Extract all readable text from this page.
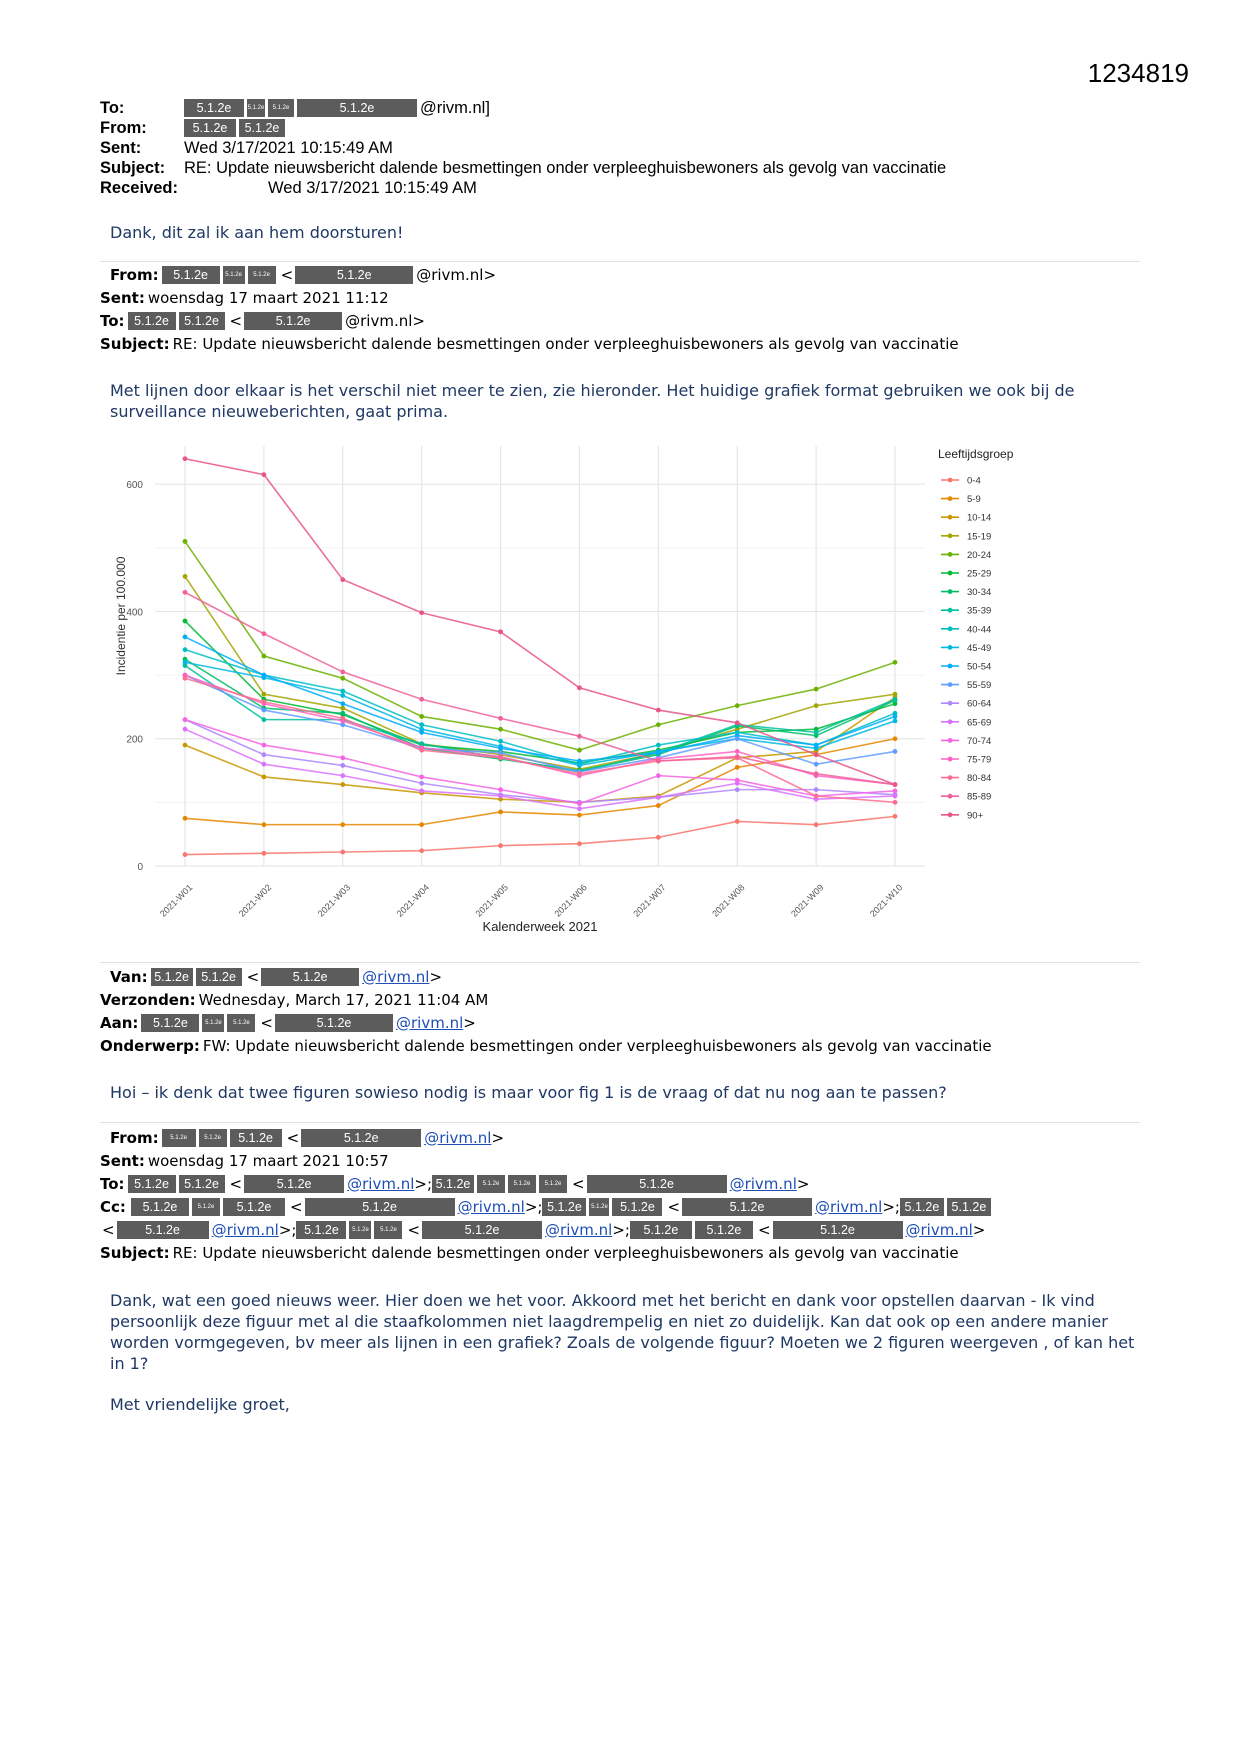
1234819
To:	5.1.2e	5.1.2e	5.1.2e	5.1.2e	@rivm.nl]
From:	5.1.2e	5.1.2e
Sent:	Wed 3/17/2021 10:15:49 AM
Subject:	RE: Update nieuwsbericht dalende besmettingen onder verpleeghuisbewoners als gevolg van vaccinatie
Received:	Wed 3/17/2021 10:15:49 AM
Dank, dit zal ik aan hem doorsturen!
From:	5.1.2e	5.1.2e	5.1.2e <	5.1.2e	@rivm.nl>
Sent: woensdag 17 maart 2021 11:12
To: 5.1.2e	5.1.2e <	5.1.2e	@rivm.nl>
Subject: RE: Update nieuwsbericht dalende besmettingen onder verpleeghuisbewoners als gevolg van vaccinatie
Met lijnen door elkaar is het verschil niet meer te zien, zie hieronder. Het huidige grafiek format gebruiken we ook bij de surveillance nieuweberichten, gaat prima.
0
200
400
600
2021-W01	2021-W02	2021-W03	2021-W04	2021-W05	2021-W06	2021-W07	2021-W08	2021-W09	2021-W10
0-4
5-9
10-14
15-19
20-24
25-29
30-34
35-39
40-44
45-49
50-54
55-59
60-64
65-69
70-74
75-79
80-84
85-89
90+
Incidentie per 100.000
Kalenderweek 2021
Leeftijdsgroep
Van: 5.1.2e 5.1.2e <	5.1.2e	@rivm.nl >
Verzonden: Wednesday, March 17, 2021 11:04 AM
Aan:	5.1.2e	5.1.2e	5.1.2e <	5.1.2e	@rivm.nl >
Onderwerp: FW: Update nieuwsbericht dalende besmettingen onder verpleeghuisbewoners als gevolg van vaccinatie
Hoi – ik denk dat twee figuren sowieso nodig is maar voor fig 1 is de vraag of dat nu nog aan te passen?
From:	5.1.2e	5.1.2e	5.1.2e <	5.1.2e	@rivm.nl >
Sent: woensdag 17 maart 2021 10:57
To: 5.1.2e	5.1.2e <	5.1.2e	@rivm.nl >; 5.1.2e	5.1.2e	5.1.2e	5.1.2e <	5.1.2e	@rivm.nl >
Cc:	5.1.2e	5.1.2e	5.1.2e	<	5.1.2e	@rivm.nl >; 5.1.2e	5.1.2e 5.1.2e <	5.1.2e	@rivm.nl >; 5.1.2e 5.1.2e
<	5.1.2e	@rivm.nl >; 5.1.2e	5.1.2e	5.1.2e <	5.1.2e	@rivm.nl >;	5.1.2e	5.1.2e	<	5.1.2e	@rivm.nl >
Subject: RE: Update nieuwsbericht dalende besmettingen onder verpleeghuisbewoners als gevolg van vaccinatie
Dank, wat een goed nieuws weer. Hier doen we het voor. Akkoord met het bericht en dank voor opstellen daarvan - Ik vind persoonlijk deze figuur met al die staafkolommen niet laagdrempelig en niet zo duidelijk. Kan dat ook op een andere manier worden vormgegeven, bv meer als lijnen in een grafiek? Zoals de volgende figuur? Moeten we 2 figuren weergeven , of kan het in 1?
Met vriendelijke groet,
